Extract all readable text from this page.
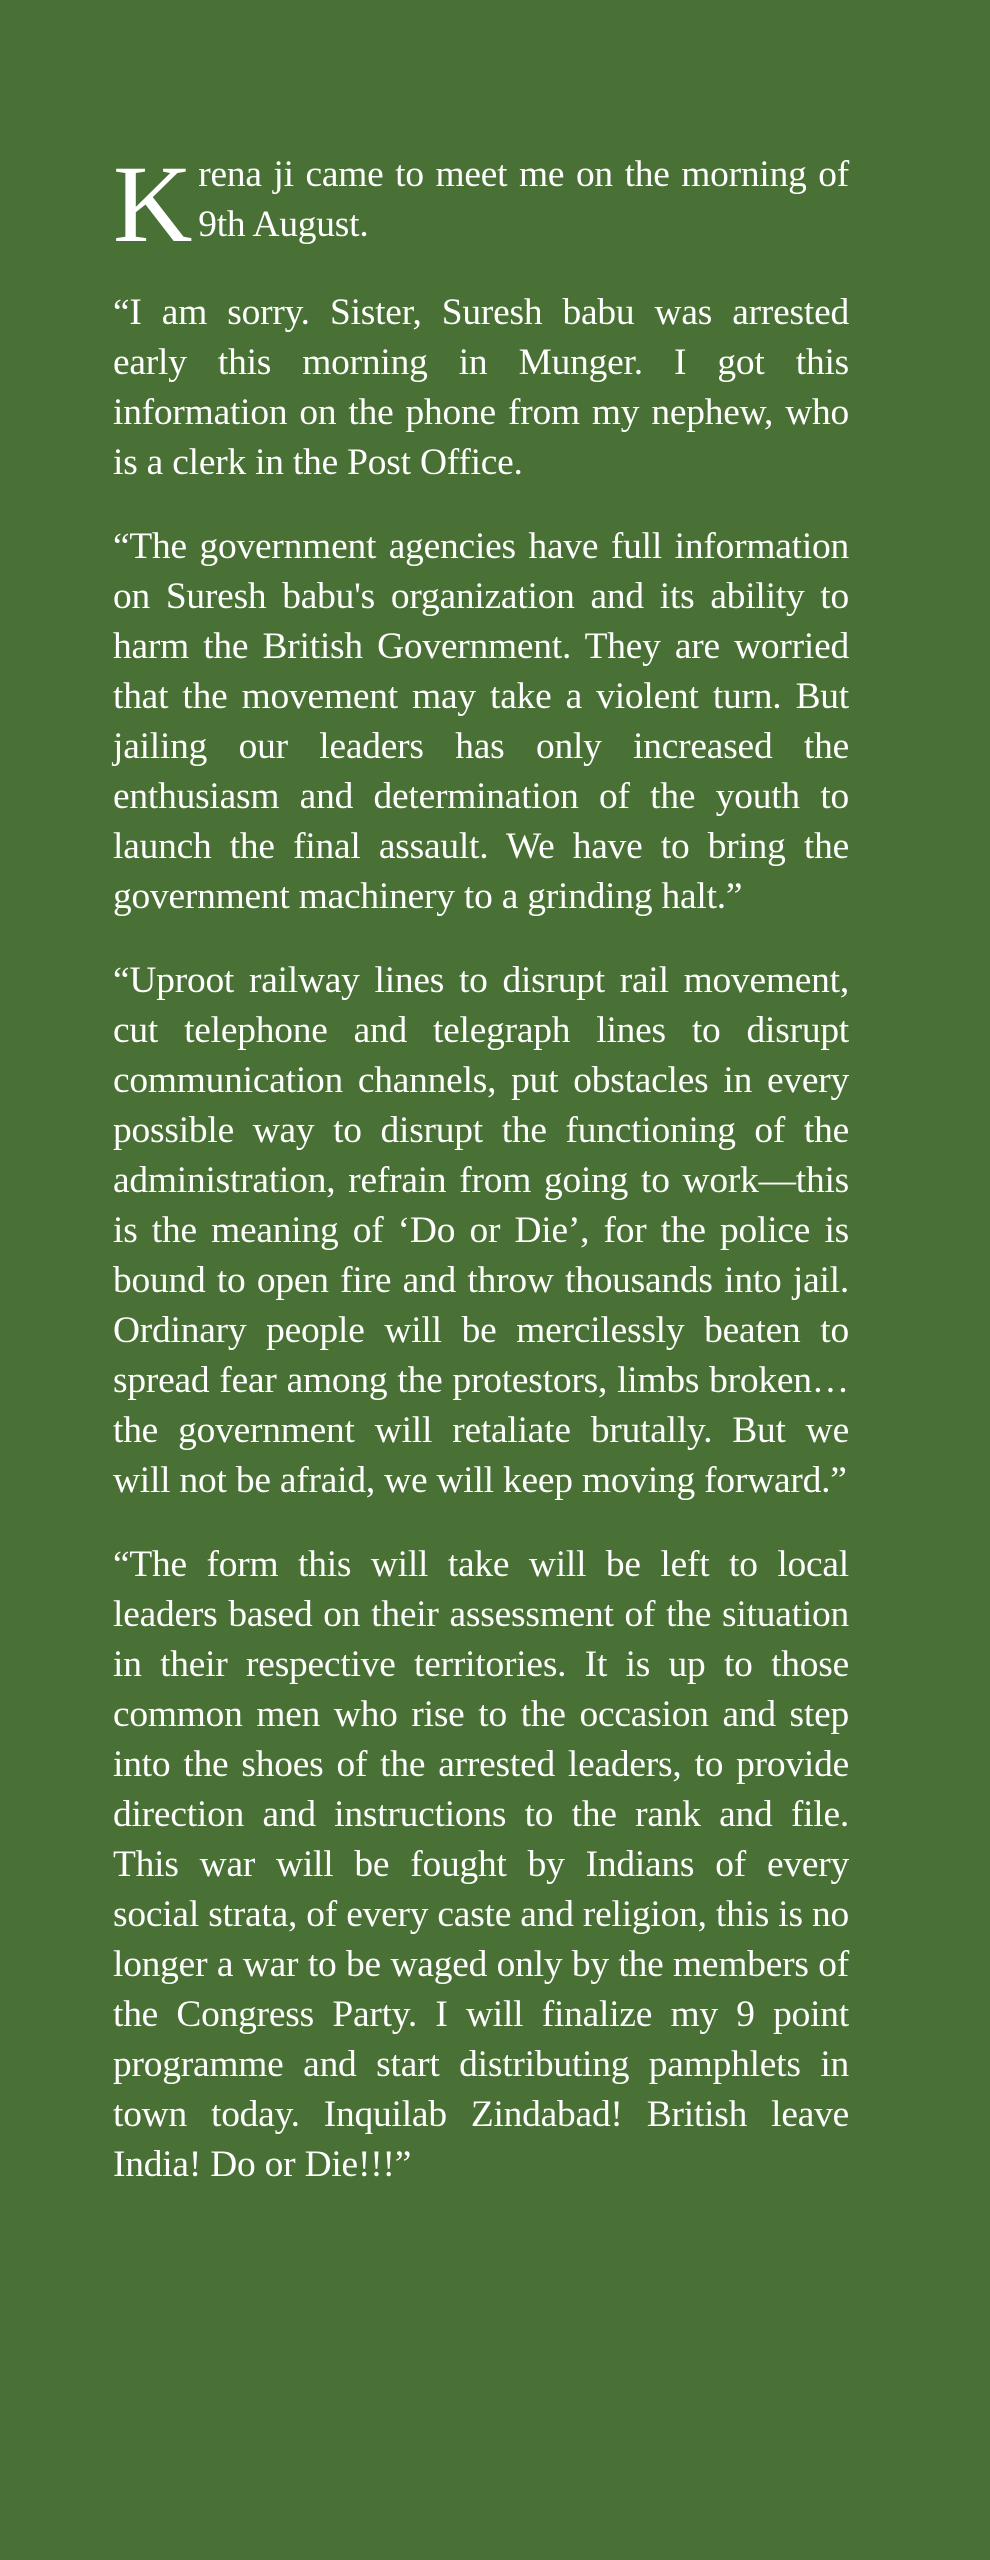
Krena ji came to meet me on the morning of 9th August.

“I am sorry. Sister, Suresh babu was arrested early this morning in Munger. I got this information on the phone from my nephew, who is a clerk in the Post Office.

“The government agencies have full information on Suresh babu's organization and its ability to harm the British Government. They are worried that the movement may take a violent turn. But jailing our leaders has only increased the enthusiasm and determination of the youth to launch the final assault. We have to bring the government machinery to a grinding halt.”

“Uproot railway lines to disrupt rail movement, cut telephone and telegraph lines to disrupt communication channels, put obstacles in every possible way to disrupt the functioning of the administration, refrain from going to work—this is the meaning of ‘Do or Die’, for the police is bound to open fire and throw thousands into jail. Ordinary people will be mercilessly beaten to spread fear among the protestors, limbs broken…the government will retaliate brutally. But we will not be afraid, we will keep moving forward.”

“The form this will take will be left to local leaders based on their assessment of the situation in their respective territories. It is up to those common men who rise to the occasion and step into the shoes of the arrested leaders, to provide direction and instructions to the rank and file. This war will be fought by Indians of every social strata, of every caste and religion, this is no longer a war to be waged only by the members of the Congress Party. I will finalize my 9 point programme and start distributing pamphlets in town today. Inquilab Zindabad! British leave India! Do or Die!!!”
